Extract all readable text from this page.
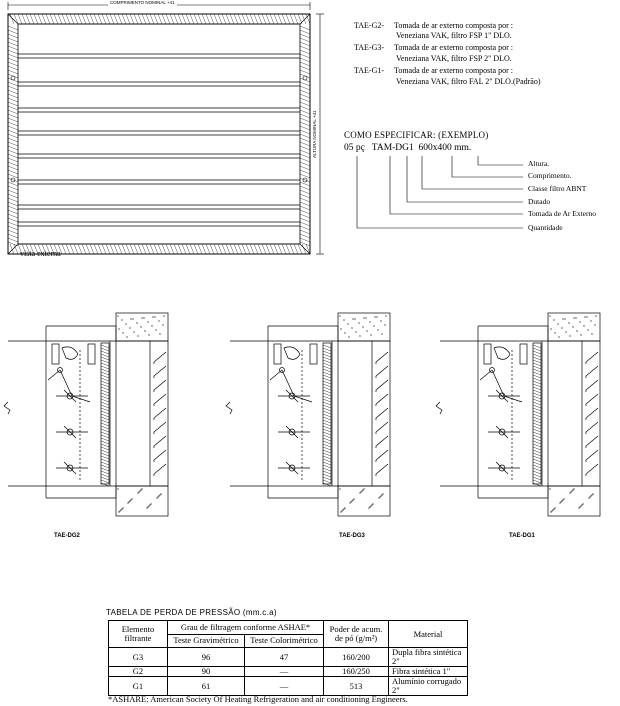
COMPRIMENTO NOMINAL +41
ALTURA NOMINAL +41
vista externa
TAE-G2- Tomada de ar externo composta por :
Veneziana VAK, filtro FSP 1" DLO.
TAE-G3- Tomada de ar externo composta por :
Veneziana VAK, filtro FSP 2" DLO.
TAE-G1- Tomada de ar externo composta por :
Veneziana VAK, filtro FAL 2" DLO.(Padrão)
COMO ESPECIFICAR: (EXEMPLO)
05 pç   TAM-DG1  600x400 mm.
Altura.
Comprimento.
Classe filtro ABNT
Dutado
Tomada de Ar Externo
Quantidade
TAE-DG2	TAE-DG3	TAE-DG1
TABELA DE PERDA DE PRESSÃO (mm.c.a)
Elemento filtrante	Grau de filtragem conforme ASHAE*		Poder de acum. de pó (g/m²)	Material
	Teste Gravimétrico	Teste Colorimétrico		
G3	96	47	160/200	Dupla fibra sintética 2"
G2	90	—	160/250	Fibra sintética 1"
G1	61	—	513	Alumínio corrugado 2"
*ASHARE: American Society Of Heating Refrigeration and air conditioning Engineers.
